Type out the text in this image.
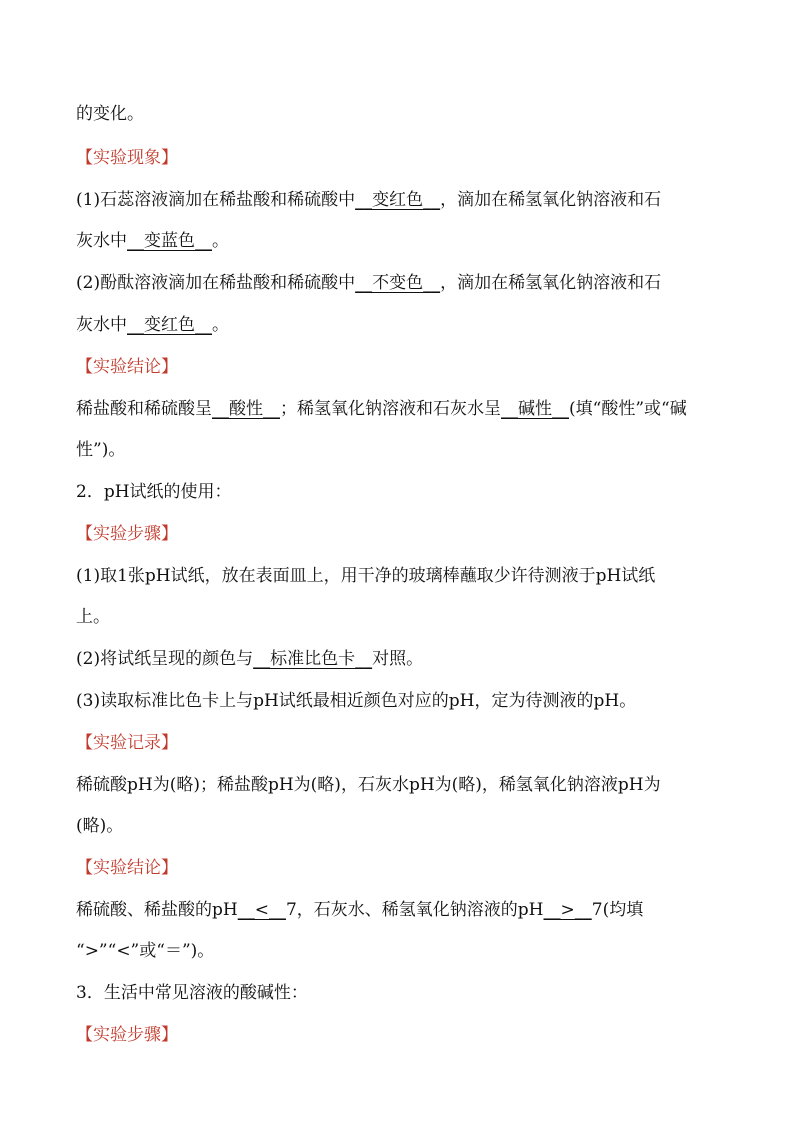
的变化。
【实验现象】
(1)石蕊溶液滴加在稀盐酸和稀硫酸中__变红色__，滴加在稀氢氧化钠溶液和石
灰水中__变蓝色__。
(2)酚酞溶液滴加在稀盐酸和稀硫酸中__不变色__，滴加在稀氢氧化钠溶液和石
灰水中__变红色__。
【实验结论】
稀盐酸和稀硫酸呈__酸性__；稀氢氧化钠溶液和石灰水呈__碱性__(填“酸性”或“碱
性”)。
2．pH试纸的使用：
【实验步骤】
(1)取1张pH试纸，放在表面皿上，用干净的玻璃棒蘸取少许待测液于pH试纸
上。
(2)将试纸呈现的颜色与__标准比色卡__对照。
(3)读取标准比色卡上与pH试纸最相近颜色对应的pH，定为待测液的pH。
【实验记录】
稀硫酸pH为(略)；稀盐酸pH为(略)，石灰水pH为(略)，稀氢氧化钠溶液pH为
(略)。
【实验结论】
稀硫酸、稀盐酸的pH__<__7，石灰水、稀氢氧化钠溶液的pH__>__7(均填
“>”“<”或“＝”)。
3．生活中常见溶液的酸碱性：
【实验步骤】
